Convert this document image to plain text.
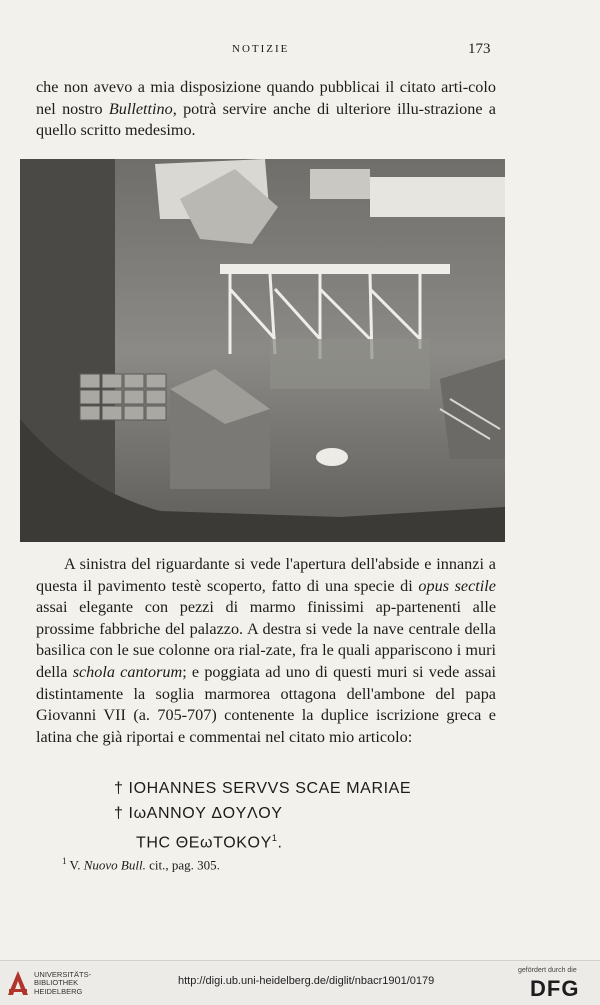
NOTIZIE	173

che non avevo a mia disposizione quando pubblicai il citato arti-colo nel nostro Bullettino, potrà servire anche di ulteriore illu-strazione a quello scritto medesimo.

A sinistra del riguardante si vede l'apertura dell'abside e innanzi a questa il pavimento testè scoperto, fatto di una specie di opus sectile assai elegante con pezzi di marmo finissimi ap-partenenti alle prossime fabbriche del palazzo. A destra si vede la nave centrale della basilica con le sue colonne ora rial-zate, fra le quali appariscono i muri della schola cantorum; e poggiata ad uno di questi muri si vede assai distintamente la soglia marmorea ottagona dell'ambone del papa Giovanni VII (a. 705-707) contenente la duplice iscrizione greca e latina che già riportai e commentai nel citato mio articolo:

† IOHANNES SERVVS SCAE MARIAE
† IωANNOY ΔOYΛOY
THC ΘEωTOKOY$^1$.
$^1$ V. Nuovo Bull. cit., pag. 305.
UNIVERSITÄTS-
BIBLIOTHEK
HEIDELBERG
http://digi.ub.uni-heidelberg.de/diglit/nbacr1901/0179
gefördert durch die
DFG
